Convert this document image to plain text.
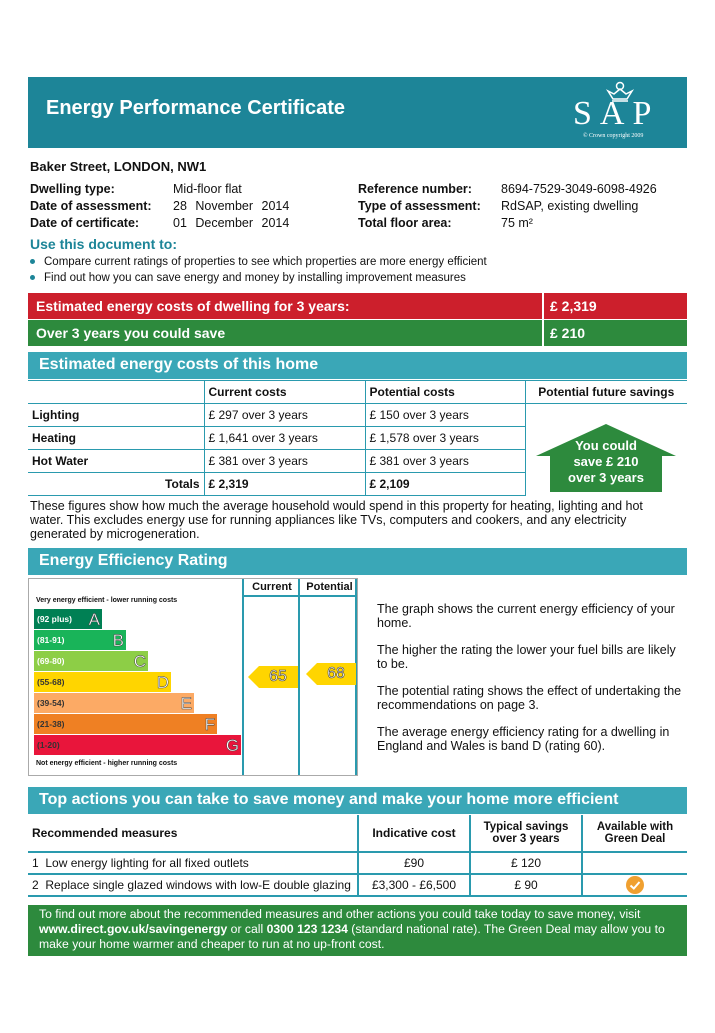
Energy Performance Certificate	SAP
© Crown copyright 2009
Baker Street, LONDON, NW1
Dwelling type:	Mid-floor flat
Date of assessment: 28 November 2014
Date of certificate:	01 December 2014
Reference number: 8694-7529-3049-6098-4926
Type of assessment: RdSAP, existing dwelling
Total floor area:	75 m²
Use this document to:
Compare current ratings of properties to see which properties are more energy efficient
Find out how you can save energy and money by installing improvement measures
Estimated energy costs of dwelling for 3 years:	£ 2,319
Over 3 years you could save	£ 210
Estimated energy costs of this home
	Current costs	Potential costs	Potential future savings
Lighting	£ 297 over 3 years	£ 150 over 3 years	
Heating	£ 1,641 over 3 years	£ 1,578 over 3 years	
Hot Water	£ 381 over 3 years	£ 381 over 3 years	
Totals	£ 2,319	£ 2,109	
You could
save £ 210
over 3 years
These figures show how much the average household would spend in this property for heating, lighting and hot water. This excludes energy use for running appliances like TVs, computers and cookers, and any electricity generated by microgeneration.
Energy Efficiency Rating
Current	Potential
Very energy efficient - lower running costs
(92 plus) A
(81-91)	B
(69-80)	C
(55-68)	D
(39-54)	E
(21-38)	F
(1-20)	G
Not energy efficient - higher running costs
65	68
The graph shows the current energy efficiency of your home.
The higher the rating the lower your fuel bills are likely to be.
The potential rating shows the effect of undertaking the recommendations on page 3.
The average energy efficiency rating for a dwelling in England and Wales is band D (rating 60).
Top actions you can take to save money and make your home more efficient
Recommended measures	Indicative cost	Typical savings over 3 years	Available with Green Deal
1 Low energy lighting for all fixed outlets	£90	£ 120	
2 Replace single glazed windows with low-E double glazing	£3,300 - £6,500	£ 90	
To find out more about the recommended measures and other actions you could take today to save money, visit www.direct.gov.uk/savingenergy or call 0300 123 1234 (standard national rate). The Green Deal may allow you to make your home warmer and cheaper to run at no up-front cost.
